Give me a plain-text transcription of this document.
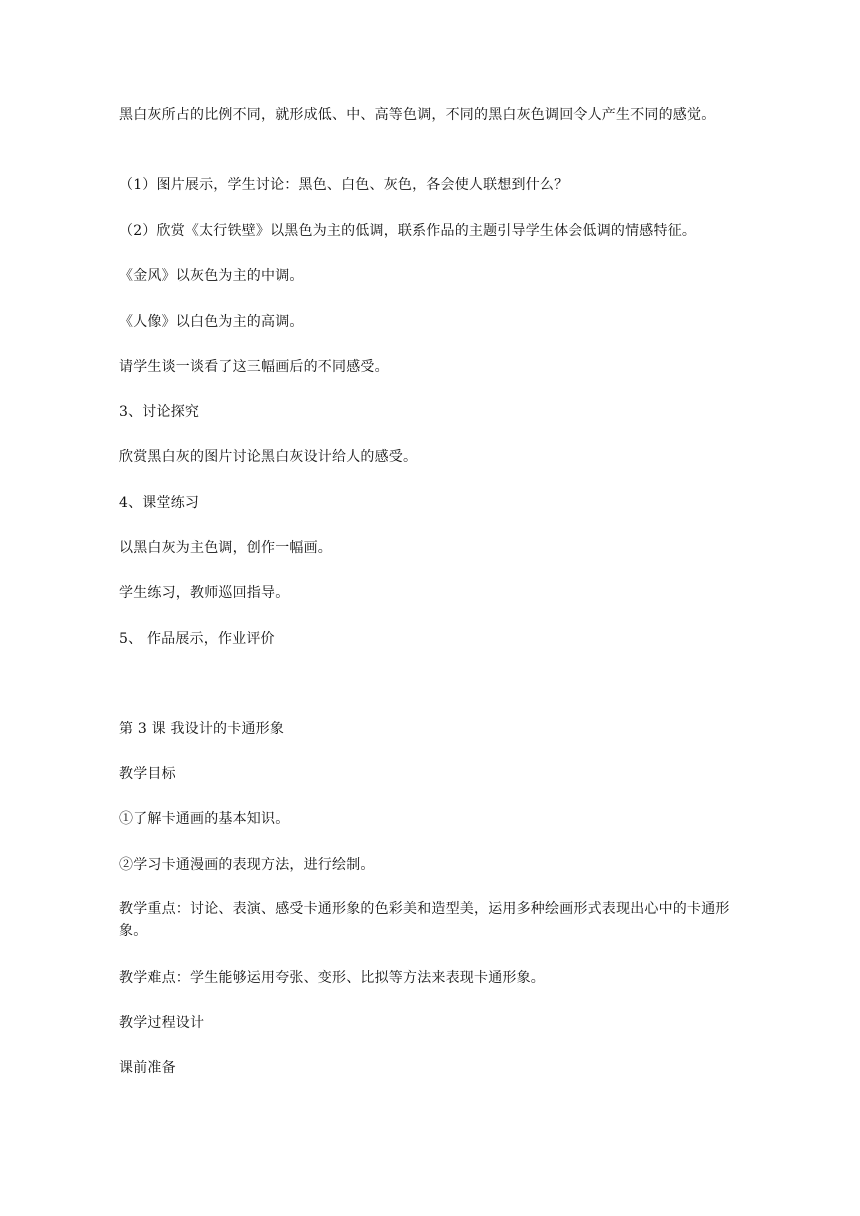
黑白灰所占的比例不同，就形成低、中、高等色调，不同的黑白灰色调回令人产生不同的感觉。

（1）图片展示，学生讨论：黑色、白色、灰色，各会使人联想到什么？

（2）欣赏《太行铁壁》以黑色为主的低调，联系作品的主题引导学生体会低调的情感特征。

《金风》以灰色为主的中调。

《人像》以白色为主的高调。

请学生谈一谈看了这三幅画后的不同感受。

3、讨论探究

欣赏黑白灰的图片讨论黑白灰设计给人的感受。

4、课堂练习

以黑白灰为主色调，创作一幅画。

学生练习，教师巡回指导。

5、 作品展示，作业评价

第 3 课 我设计的卡通形象

教学目标

①了解卡通画的基本知识。

②学习卡通漫画的表现方法，进行绘制。

教学重点：讨论、表演、感受卡通形象的色彩美和造型美，运用多种绘画形式表现出心中的卡通形象。

教学难点：学生能够运用夸张、变形、比拟等方法来表现卡通形象。

教学过程设计

课前准备
